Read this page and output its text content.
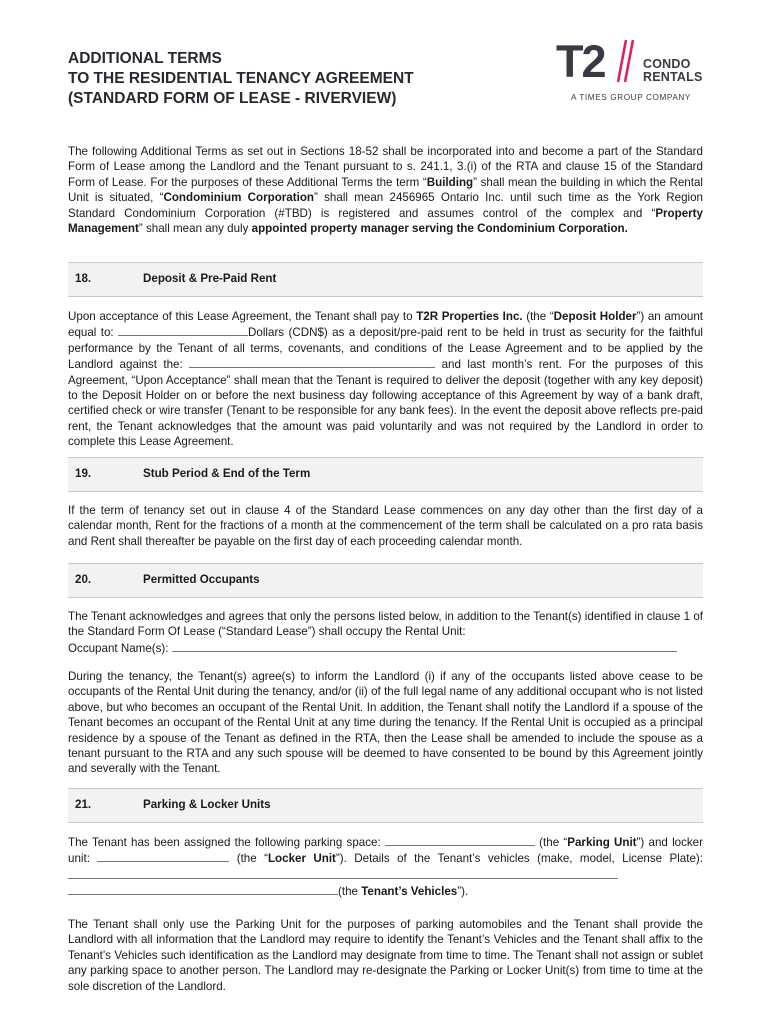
ADDITIONAL TERMS
TO THE RESIDENTIAL TENANCY AGREEMENT
(STANDARD FORM OF LEASE - RIVERVIEW)
T2	CONDO
RENTALS
A TIMES GROUP COMPANY
The following Additional Terms as set out in Sections 18-52 shall be incorporated into and become a part of the Standard Form of Lease among the Landlord and the Tenant pursuant to s. 241.1, 3.(i) of the RTA and clause 15 of the Standard Form of Lease. For the purposes of these Additional Terms the term “Building” shall mean the building in which the Rental Unit is situated, “Condominium Corporation” shall mean 2456965 Ontario Inc. until such time as the York Region Standard Condominium Corporation (#TBD) is registered and assumes control of the complex and “Property Management” shall mean any duly appointed property manager serving the Condominium Corporation.
18.	Deposit & Pre-Paid Rent
Upon acceptance of this Lease Agreement, the Tenant shall pay to T2R Properties Inc. (the “Deposit Holder”) an amount equal to:	Dollars (CDN$) as a deposit/pre-paid rent to be held in trust as security for the faithful performance by the Tenant of all terms, covenants, and conditions of the Lease Agreement and to be applied by the Landlord against the:	and last month’s rent. For the purposes of this Agreement, “Upon Acceptance” shall mean that the Tenant is required to deliver the deposit (together with any key deposit) to the Deposit Holder on or before the next business day following acceptance of this Agreement by way of a bank draft, certified check or wire transfer (Tenant to be responsible for any bank fees). In the event the deposit above reflects pre-paid rent, the Tenant acknowledges that the amount was paid voluntarily and was not required by the Landlord in order to complete this Lease Agreement.
19.	Stub Period & End of the Term
If the term of tenancy set out in clause 4 of the Standard Lease commences on any day other than the first day of a calendar month, Rent for the fractions of a month at the commencement of the term shall be calculated on a pro rata basis and Rent shall thereafter be payable on the first day of each proceeding calendar month.
20.	Permitted Occupants
The Tenant acknowledges and agrees that only the persons listed below, in addition to the Tenant(s) identified in clause 1 of the Standard Form Of Lease (“Standard Lease”) shall occupy the Rental Unit:
Occupant Name(s):
During the tenancy, the Tenant(s) agree(s) to inform the Landlord (i) if any of the occupants listed above cease to be occupants of the Rental Unit during the tenancy, and/or (ii) of the full legal name of any additional occupant who is not listed above, but who becomes an occupant of the Rental Unit. In addition, the Tenant shall notify the Landlord if a spouse of the Tenant becomes an occupant of the Rental Unit at any time during the tenancy. If the Rental Unit is occupied as a principal residence by a spouse of the Tenant as defined in the RTA, then the Lease shall be amended to include the spouse as a tenant pursuant to the RTA and any such spouse will be deemed to have consented to be bound by this Agreement jointly and severally with the Tenant.
21.	Parking & Locker Units
The Tenant has been assigned the following parking space:	(the “Parking Unit”) and locker unit:	(the “Locker Unit”). Details of the Tenant’s vehicles (make, model, License Plate):
(the Tenant’s Vehicles”).
The Tenant shall only use the Parking Unit for the purposes of parking automobiles and the Tenant shall provide the Landlord with all information that the Landlord may require to identify the Tenant’s Vehicles and the Tenant shall affix to the Tenant’s Vehicles such identification as the Landlord may designate from time to time. The Tenant shall not assign or sublet any parking space to another person. The Landlord may re-designate the Parking or Locker Unit(s) from time to time at the sole discretion of the Landlord.
